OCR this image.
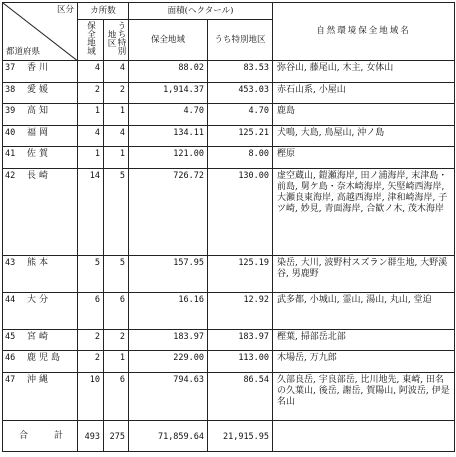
区分
都道府県	カ所数		面積(ヘクタール)		自然環境保全地域名
	保全地域	うち特別地区	保全地域	うち特別地区	
37 香川	4	4	88.02	83.53	弥谷山, 藤尾山, 木主, 女体山
38 愛媛	2	2	1,914.37	453.03	赤石山系, 小屋山
39 高知	1	1	4.70	4.70	鹿島
40 福岡	4	4	134.11	125.21	犬鳴, 大島, 鳥屋山, 沖ノ島
41 佐賀	1	1	121.00	8.00	樫原
42 長崎	14	5	726.72	130.00	虚空蔵山, 鎧瀬海岸, 田ノ浦海岸, 末津島・前島, 舅ケ島・奈木崎海岸, 矢堅崎西海岸, 大瀬良東海岸, 高越西海岸, 津和崎海岸, 子ツ崎, 妙見, 青面海岸, 合歓ノ木, 茂木海岸
43 熊本	5	5	157.95	125.19	染岳, 大川, 波野村スズラン群生地, 大野溪谷, 男鹿野
44 大分	6	6	16.16	12.92	武多都, 小城山, 霊山, 湯山, 丸山, 堂迫
45 宮崎	2	2	183.97	183.97	樫葉, 掃部岳北部
46 鹿児島	2	1	229.00	113.00	木場岳, 万九郎
47 沖縄	10	6	794.63	86.54	久部良岳, 宇良部岳, 比川地先, 東崎, 田名の久葉山, 後岳, 謝岳, 賀陽山, 阿波岳, 伊是名山
合 計	493	275	71,859.64	21,915.95	
